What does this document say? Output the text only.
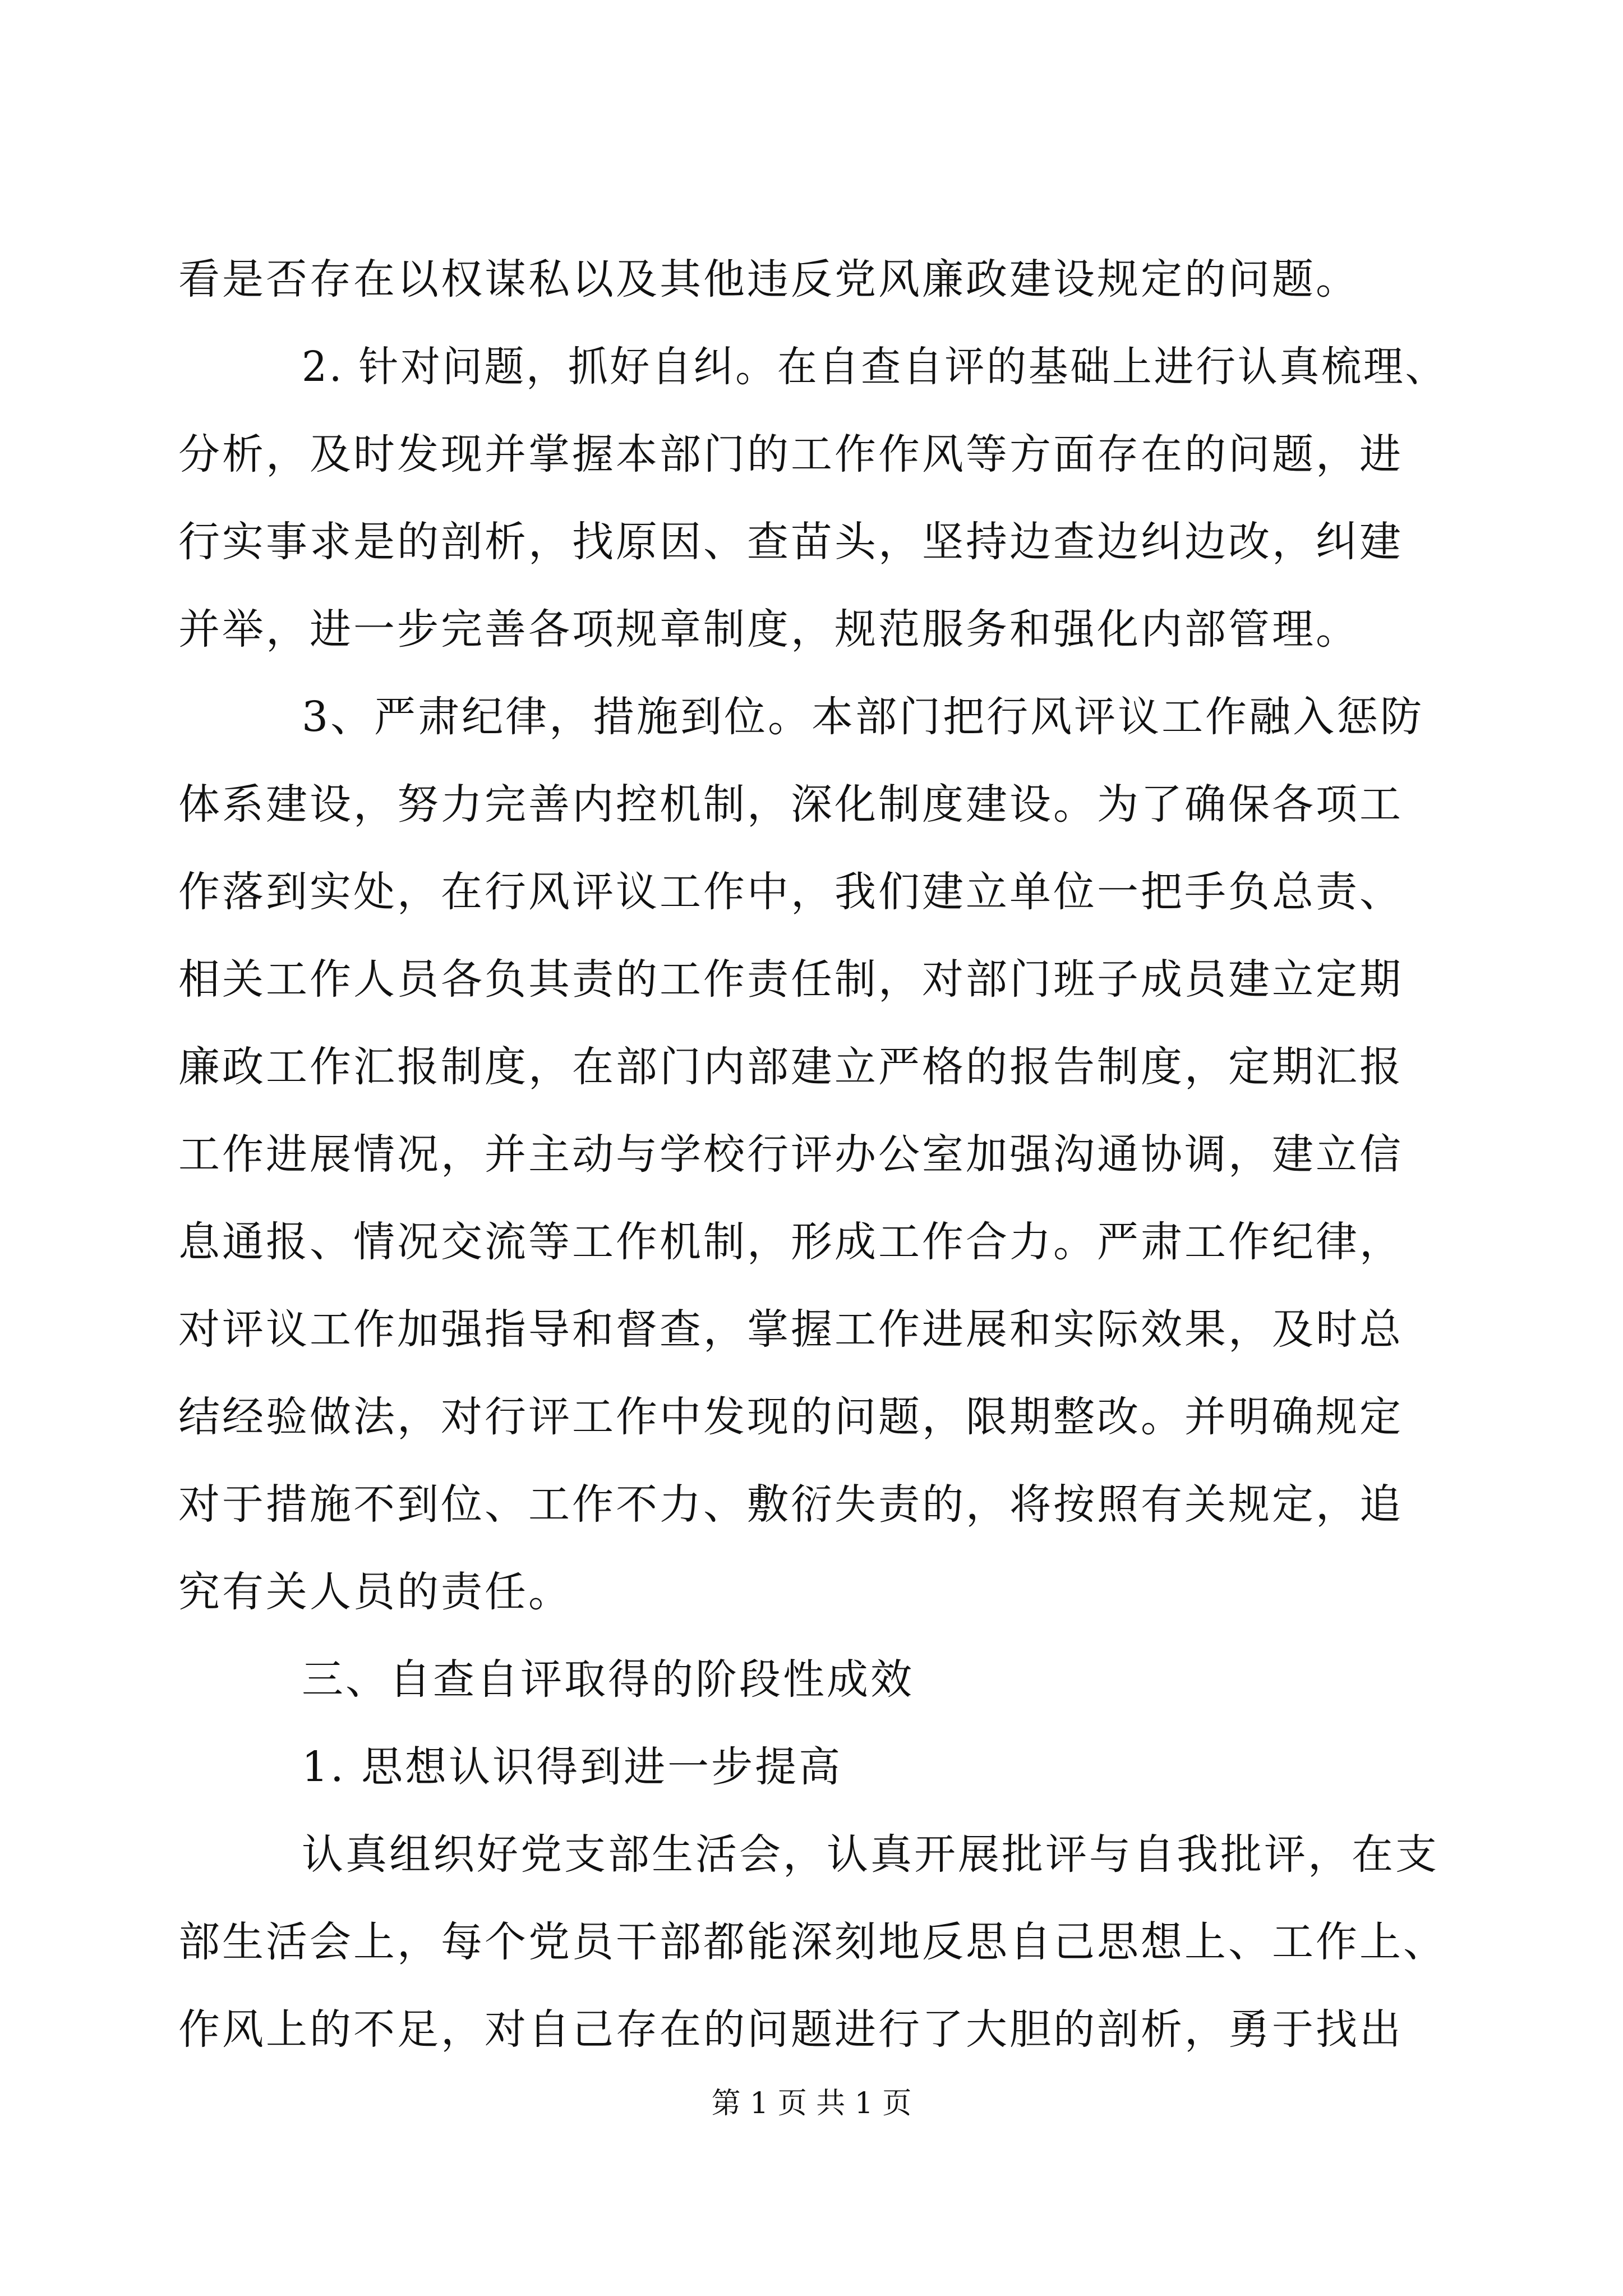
看是否存在以权谋私以及其他违反党风廉政建设规定的问题。
2. 针对问题，抓好自纠。在自查自评的基础上进行认真梳理、
分析，及时发现并掌握本部门的工作作风等方面存在的问题，进
行实事求是的剖析，找原因、查苗头，坚持边查边纠边改，纠建
并举，进一步完善各项规章制度，规范服务和强化内部管理。
3、严肃纪律，措施到位。本部门把行风评议工作融入惩防
体系建设，努力完善内控机制，深化制度建设。为了确保各项工
作落到实处，在行风评议工作中，我们建立单位一把手负总责、
相关工作人员各负其责的工作责任制，对部门班子成员建立定期
廉政工作汇报制度，在部门内部建立严格的报告制度，定期汇报
工作进展情况，并主动与学校行评办公室加强沟通协调，建立信
息通报、情况交流等工作机制，形成工作合力。严肃工作纪律，
对评议工作加强指导和督查，掌握工作进展和实际效果，及时总
结经验做法，对行评工作中发现的问题，限期整改。并明确规定
对于措施不到位、工作不力、敷衍失责的，将按照有关规定，追
究有关人员的责任。
三、自查自评取得的阶段性成效
1. 思想认识得到进一步提高
认真组织好党支部生活会，认真开展批评与自我批评，在支
部生活会上，每个党员干部都能深刻地反思自己思想上、工作上、
作风上的不足，对自己存在的问题进行了大胆的剖析，勇于找出
第 1 页 共 1 页
